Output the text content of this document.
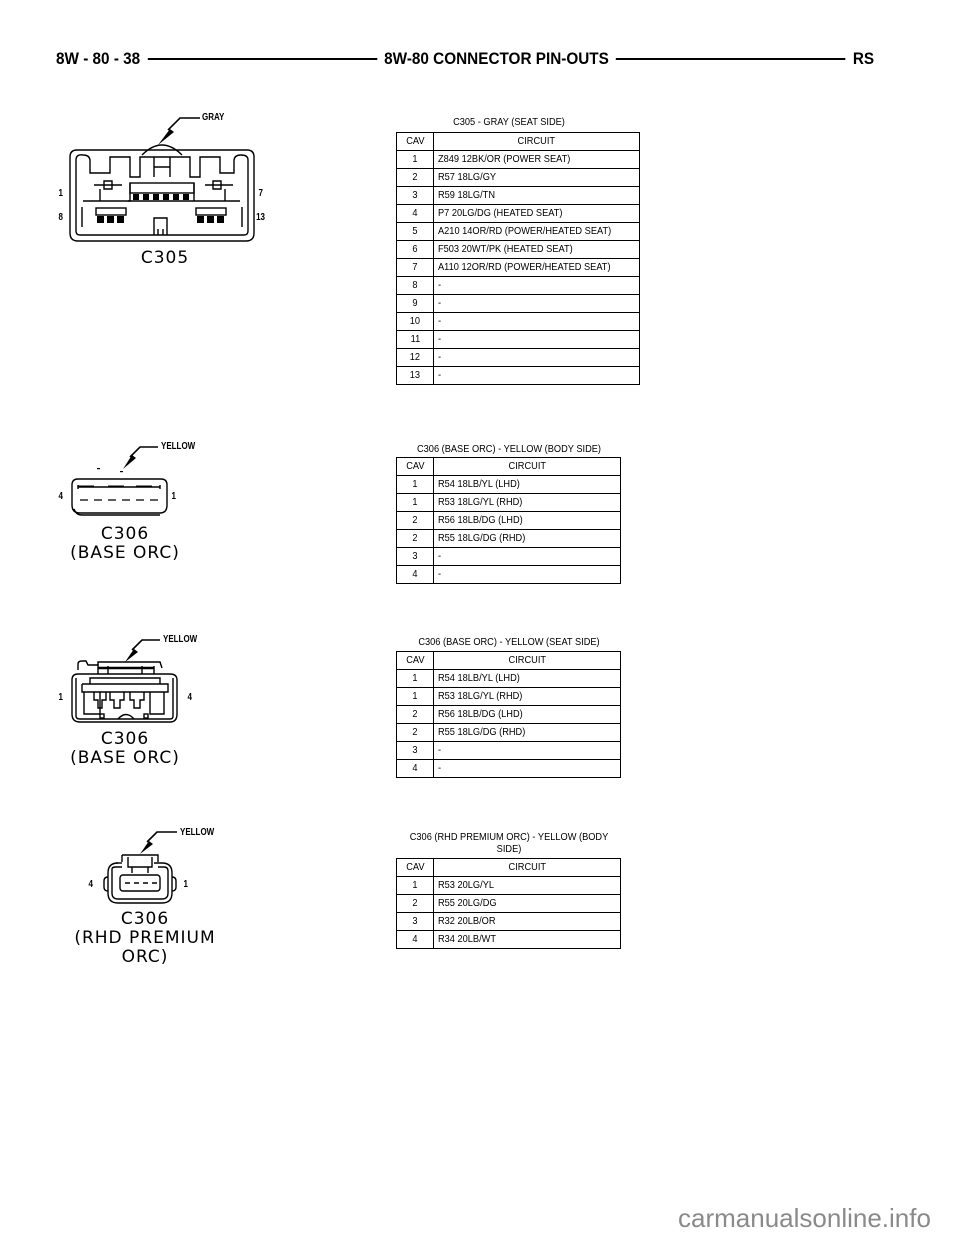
8W - 80 - 38	8W-80 CONNECTOR PIN-OUTS	RS
GRAY
1	7
8	13
C305
C305 - GRAY (SEAT SIDE)
CAV	CIRCUIT
1	Z849 12BK/OR (POWER SEAT)
2	R57 18LG/GY
3	R59 18LG/TN
4	P7 20LG/DG (HEATED SEAT)
5	A210 14OR/RD (POWER/HEATED SEAT)
6	F503 20WT/PK (HEATED SEAT)
7	A110 12OR/RD (POWER/HEATED SEAT)
8	-
9	-
10	-
11	-
12	-
13	-
YELLOW
4	1
C306
(BASE ORC)
C306 (BASE ORC) - YELLOW (BODY SIDE)
CAV	CIRCUIT
1	R54 18LB/YL (LHD)
1	R53 18LG/YL (RHD)
2	R56 18LB/DG (LHD)
2	R55 18LG/DG (RHD)
3	-
4	-
YELLOW
1	4
C306
(BASE ORC)
C306 (BASE ORC) - YELLOW (SEAT SIDE)
CAV	CIRCUIT
1	R54 18LB/YL (LHD)
1	R53 18LG/YL (RHD)
2	R56 18LB/DG (LHD)
2	R55 18LG/DG (RHD)
3	-
4	-
YELLOW
4	1
C306
(RHD PREMIUM ORC)
C306 (RHD PREMIUM ORC) - YELLOW (BODY
SIDE)
CAV	CIRCUIT
1	R53 20LG/YL
2	R55 20LG/DG
3	R32 20LB/OR
4	R34 20LB/WT
carmanualsonline.info
